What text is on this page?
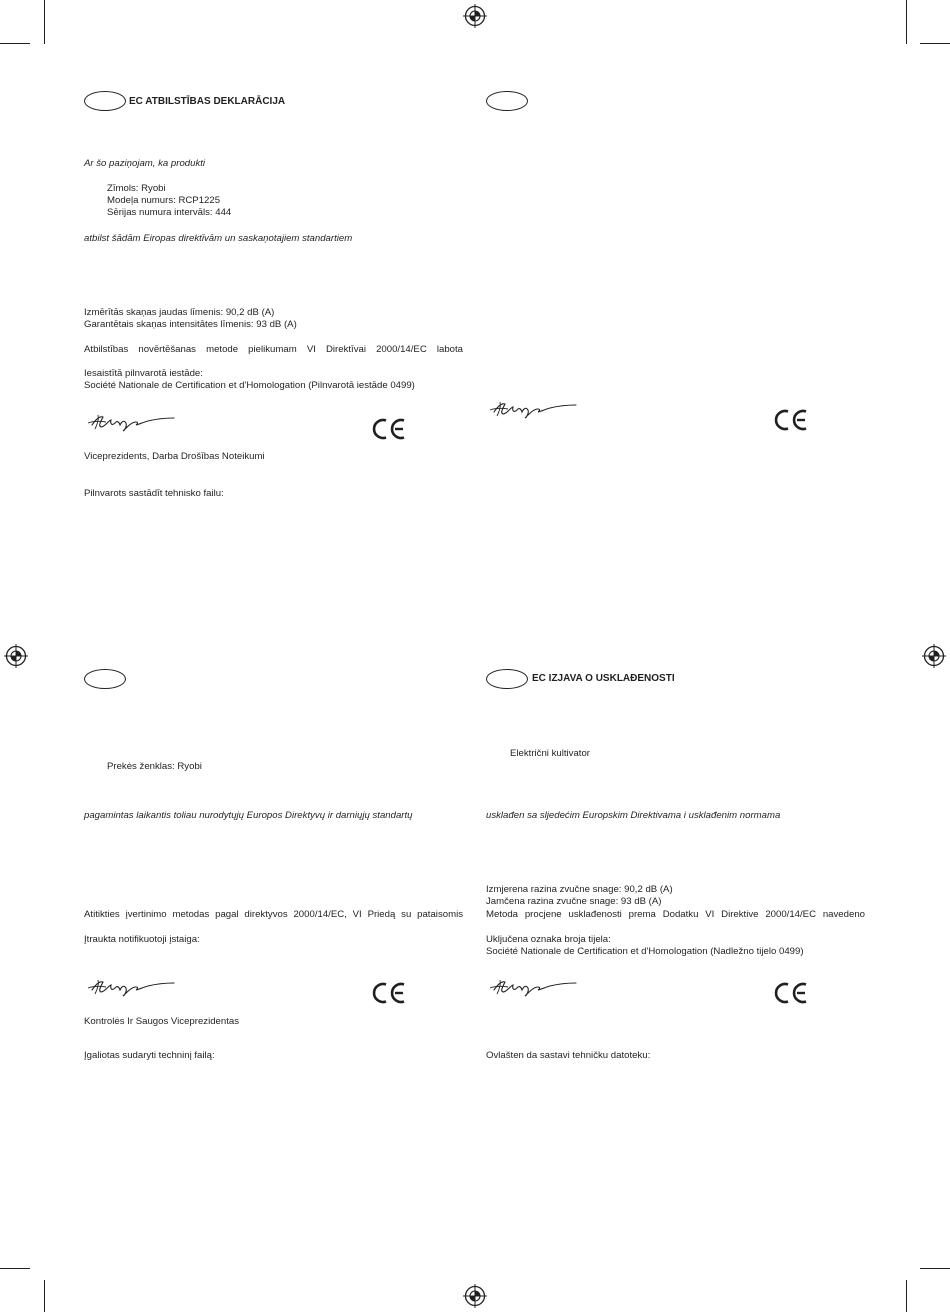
EC ATBILSTĪBAS DEKLARĀCIJA
Ar šo paziņojam, ka produkti
Zīmols: Ryobi
Modeļa numurs: RCP1225
Sērijas numura intervāls: 444
atbilst šādām Eiropas direktīvām un saskaņotajiem standartiem
Izmērītās skaņas jaudas līmenis: 90,2 dB (A)
Garantētais skaņas intensitātes līmenis: 93 dB (A)
Atbilstības novērtēšanas metode pielikumam VI Direktīvai 2000/14/EC labota
Iesaistītā pilnvarotā iestāde:
Société Nationale de Certification et d'Homologation (Pilnvarotā iestāde 0499)
Viceprezidents, Darba Drošības Noteikumi
Pilnvarots sastādīt tehnisko failu:
Prekės ženklas: Ryobi
pagamintas laikantis toliau nurodytųjų Europos Direktyvų ir darniųjų standartų
Atitikties įvertinimo metodas pagal direktyvos 2000/14/EC, VI Priedą su pataisomis
Įtraukta notifikuotoji įstaiga:
Kontrolės Ir Saugos Viceprezidentas
Įgaliotas sudaryti techninį failą:
EC IZJAVA O USKLAĐENOSTI
Električni kultivator
usklađen sa sljedećim Europskim Direktivama i usklađenim normama
Izmjerena razina zvučne snage: 90,2 dB (A)
Jamčena razina zvučne snage: 93 dB (A)
Metoda procjene usklađenosti prema Dodatku VI Direktive 2000/14/EC navedeno
Uključena oznaka broja tijela:
Société Nationale de Certification et d'Homologation (Nadležno tijelo 0499)
Ovlašten da sastavi tehničku datoteku:
